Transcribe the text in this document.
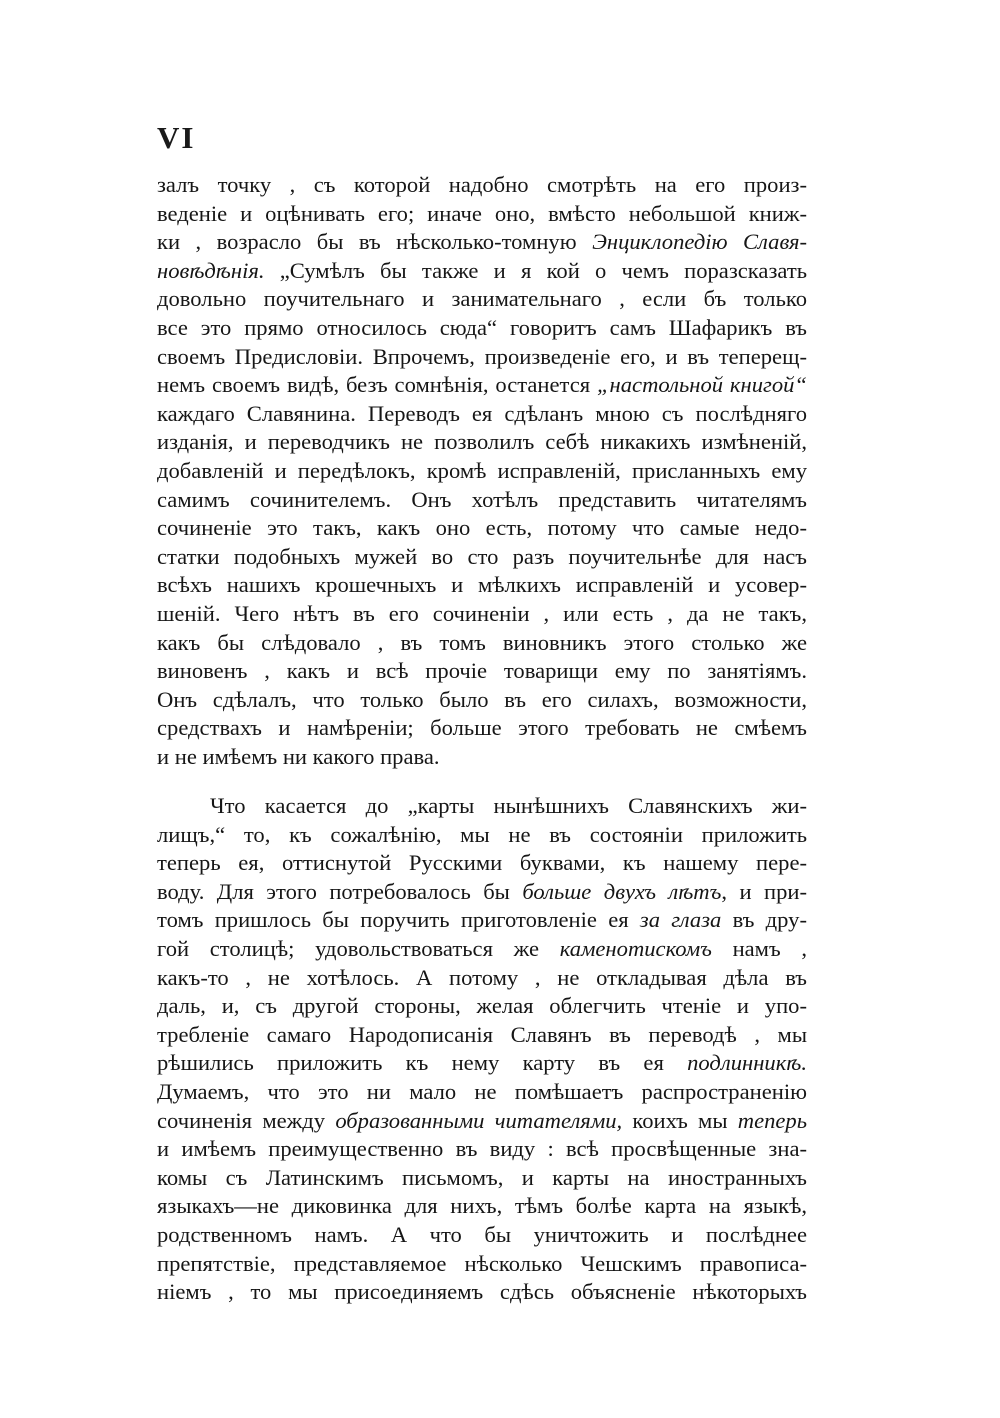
VI
залъ точку , съ которой надобно смотрѣть на его произ-
веденіе и оцѣнивать его; иначе оно, вмѣсто небольшой книж-
ки , возрасло бы въ нѣсколько-томную Энциклопедію Славя-
новѣдѣнія. „Сумѣлъ бы также и я кой о чемъ поразсказать
довольно поучительнаго и занимательнаго , если бъ только
все это прямо относилось сюда“ говоритъ самъ Шафарикъ въ
своемъ Предисловіи. Впрочемъ, произведеніе его, и въ теперещ-
немъ своемъ видѣ, безъ сомнѣнія, останется „настольной книгой“
каждаго Славянина. Переводъ ея сдѣланъ мною съ послѣдняго
изданія, и переводчикъ не позволилъ себѣ никакихъ измѣненій,
добавленій и передѣлокъ, кромѣ исправленій, присланныхъ ему
самимъ сочинителемъ. Онъ хотѣлъ представить читателямъ
сочиненіе это такъ, какъ оно есть, потому что самые недо-
статки подобныхъ мужей во сто разъ поучительнѣе для насъ
всѣхъ нашихъ крошечныхъ и мѣлкихъ исправленій и усовер-
шеній. Чего нѣтъ въ его сочиненіи , или есть , да не такъ,
какъ бы слѣдовало , въ томъ виновникъ этого столько же
виновенъ , какъ и всѣ прочіе товарищи ему по занятіямъ.
Онъ сдѣлалъ, что только было въ его силахъ, возможности,
средствахъ и намѣреніи; больше этого требовать не смѣемъ
и не имѣемъ ни какого права.
Что касается до „карты нынѣшнихъ Славянскихъ жи-
лищъ,“ то, къ сожалѣнію, мы не въ состояніи приложить
теперь ея, оттиснутой Русскими буквами, къ нашему пере-
воду. Для этого потребовалось бы больше двухъ лѣтъ, и при-
томъ пришлось бы поручить приготовленіе ея за глаза въ дру-
гой столицѣ; удовольствоваться же каменотискомъ намъ ,
какъ-то , не хотѣлось. А потому , не откладывая дѣла въ
даль, и, съ другой стороны, желая облегчить чтеніе и упо-
требленіе самаго Народописанія Славянъ въ переводѣ , мы
рѣшились приложить къ нему карту въ ея подлинникѣ.
Думаемъ, что это ни мало не помѣшаетъ распространенію
сочиненія между образованными читателями, коихъ мы теперь
и имѣемъ преимущественно въ виду : всѣ просвѣщенные зна-
комы съ Латинскимъ письмомъ, и карты на иностранныхъ
языкахъ—не диковинка для нихъ, тѣмъ болѣе карта на языкѣ,
родственномъ намъ. А что бы уничтожить и послѣднее
препятствіе, представляемое нѣсколько Чешскимъ правописа-
ніемъ , то мы присоединяемъ сдѣсь объясненіе нѣкоторыхъ
